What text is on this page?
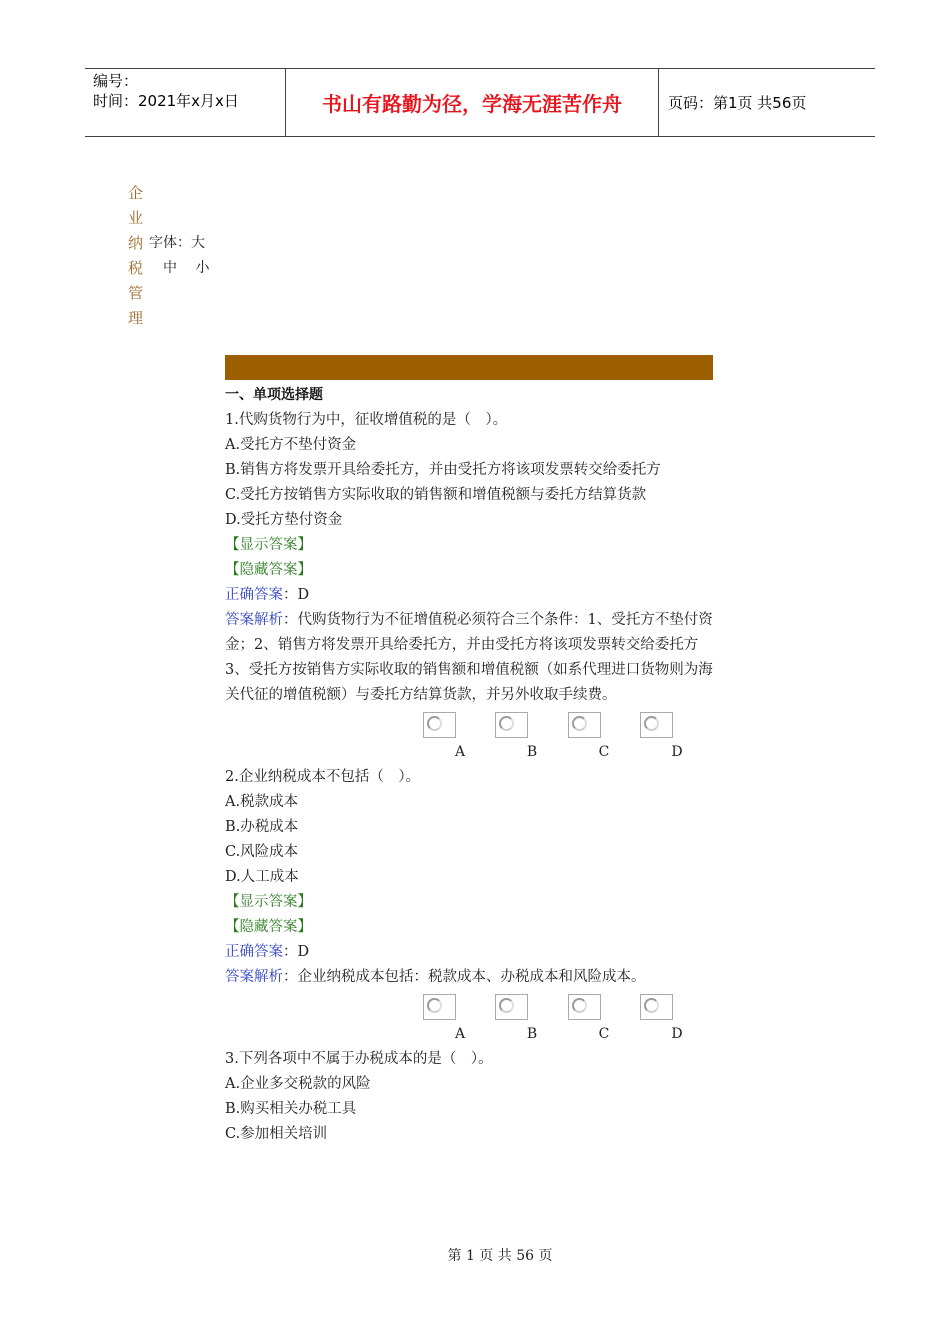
编号：
时间：2021年x月x日	书山有路勤为径，学海无涯苦作舟	页码：第1页 共56页
企
业
纳
税
管
理
字体：大
中 小
一、单项选择题
1.代购货物行为中，征收增值税的是（　）。
A.受托方不垫付资金
B.销售方将发票开具给委托方，并由受托方将该项发票转交给委托方
C.受托方按销售方实际收取的销售额和增值税额与委托方结算货款
D.受托方垫付资金
【显示答案】
【隐藏答案】
正确答案：D
答案解析：代购货物行为不征增值税必须符合三个条件：1、受托方不垫付资金；2、销售方将发票开具给委托方，并由受托方将该项发票转交给委托方 3、受托方按销售方实际收取的销售额和增值税额（如系代理进口货物则为海关代征的增值税额）与委托方结算货款，并另外收取手续费。
A	B	C	D
2.企业纳税成本不包括（　）。
A.税款成本
B.办税成本
C.风险成本
D.人工成本
【显示答案】
【隐藏答案】
正确答案：D
答案解析：企业纳税成本包括：税款成本、办税成本和风险成本。
A	B	C	D
3.下列各项中不属于办税成本的是（　）。
A.企业多交税款的风险
B.购买相关办税工具
C.参加相关培训
第 1 页 共 56 页
